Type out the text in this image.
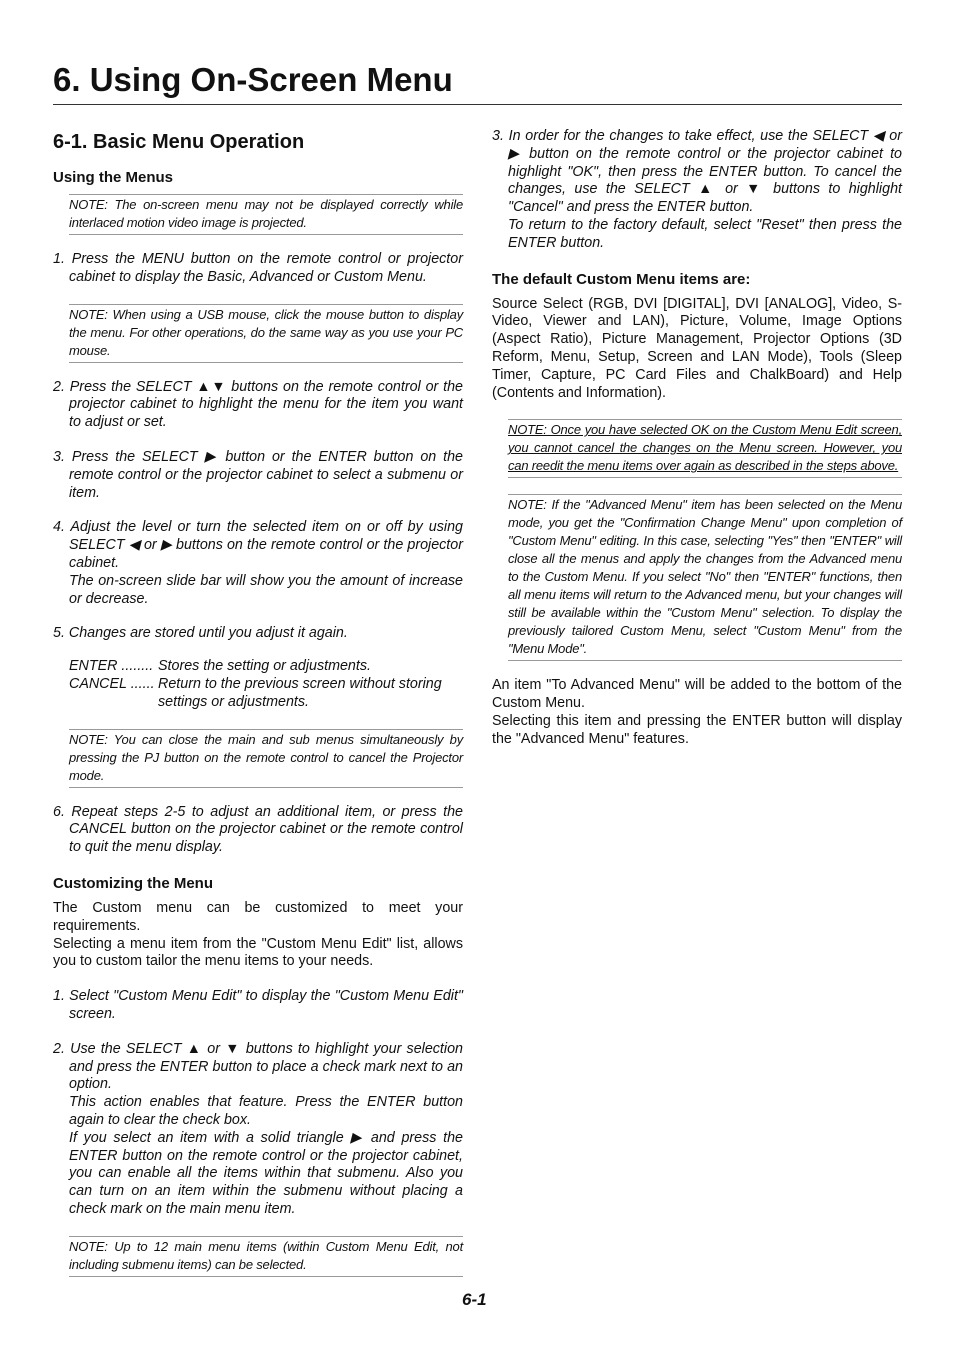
6. Using On-Screen Menu
6-1. Basic Menu Operation
Using the Menus
NOTE: The on-screen menu may not be displayed correctly while interlaced motion video image is projected.

1. Press the MENU button on the remote control or projector cabinet to display the Basic, Advanced or Custom Menu.

NOTE: When using a USB mouse, click the mouse button to display the menu. For other operations, do the same way as you use your PC mouse.

2. Press the SELECT ▲▼ buttons on the remote control or the projector cabinet to highlight the menu for the item you want to adjust or set.

3. Press the SELECT ▶ button or the ENTER button on the remote control or the projector cabinet to select a submenu or item.

4. Adjust the level or turn the selected item on or off by using SELECT ◀ or ▶ buttons on the remote control or the projector cabinet.
The on-screen slide bar will show you the amount of increase or decrease.

5. Changes are stored until you adjust it again.

ENTER ........ Stores the setting or adjustments.
CANCEL ...... Return to the previous screen without storing settings or adjustments.
NOTE: You can close the main and sub menus simultaneously by pressing the PJ button on the remote control to cancel the Projector mode.

6. Repeat steps 2-5 to adjust an additional item, or press the CANCEL button on the projector cabinet or the remote control to quit the menu display.

Customizing the Menu

The Custom menu can be customized to meet your requirements.
Selecting a menu item from the "Custom Menu Edit" list, allows you to custom tailor the menu items to your needs.

1. Select "Custom Menu Edit" to display the "Custom Menu Edit" screen.

2. Use the SELECT ▲ or ▼ buttons to highlight your selection and press the ENTER button to place a check mark next to an option.
This action enables that feature. Press the ENTER button again to clear the check box.
If you select an item with a solid triangle ▶ and press the ENTER button on the remote control or the projector cabinet, you can enable all the items within that submenu. Also you can turn on an item within the submenu without placing a check mark on the main menu item.

NOTE: Up to 12 main menu items (within Custom Menu Edit, not including submenu items) can be selected.

3. In order for the changes to take effect, use the SELECT ◀ or ▶ button on the remote control or the projector cabinet to highlight "OK", then press the ENTER button. To cancel the changes, use the SELECT ▲ or ▼ buttons to highlight "Cancel" and press the ENTER button.
To return to the factory default, select "Reset" then press the ENTER button.

The default Custom Menu items are:

Source Select (RGB, DVI [DIGITAL], DVI [ANALOG], Video, S-Video, Viewer and LAN), Picture, Volume, Image Options (Aspect Ratio), Picture Management, Projector Options (3D Reform, Menu, Setup, Screen and LAN Mode), Tools (Sleep Timer, Capture, PC Card Files and ChalkBoard) and Help (Contents and Information).

NOTE: Once you have selected OK on the Custom Menu Edit screen, you cannot cancel the changes on the Menu screen. However, you can reedit the menu items over again as described in the steps above.
NOTE: If the "Advanced Menu" item has been selected on the Menu mode, you get the "Confirmation Change Menu" upon completion of "Custom Menu" editing. In this case, selecting "Yes" then "ENTER" will close all the menus and apply the changes from the Advanced menu to the Custom Menu. If you select "No" then "ENTER" functions, then all menu items will return to the Advanced menu, but your changes will still be available within the "Custom Menu" selection. To display the previously tailored Custom Menu, select "Custom Menu" from the "Menu Mode".

An item "To Advanced Menu" will be added to the bottom of the Custom Menu.
Selecting this item and pressing the ENTER button will display the "Advanced Menu" features.

6-1
